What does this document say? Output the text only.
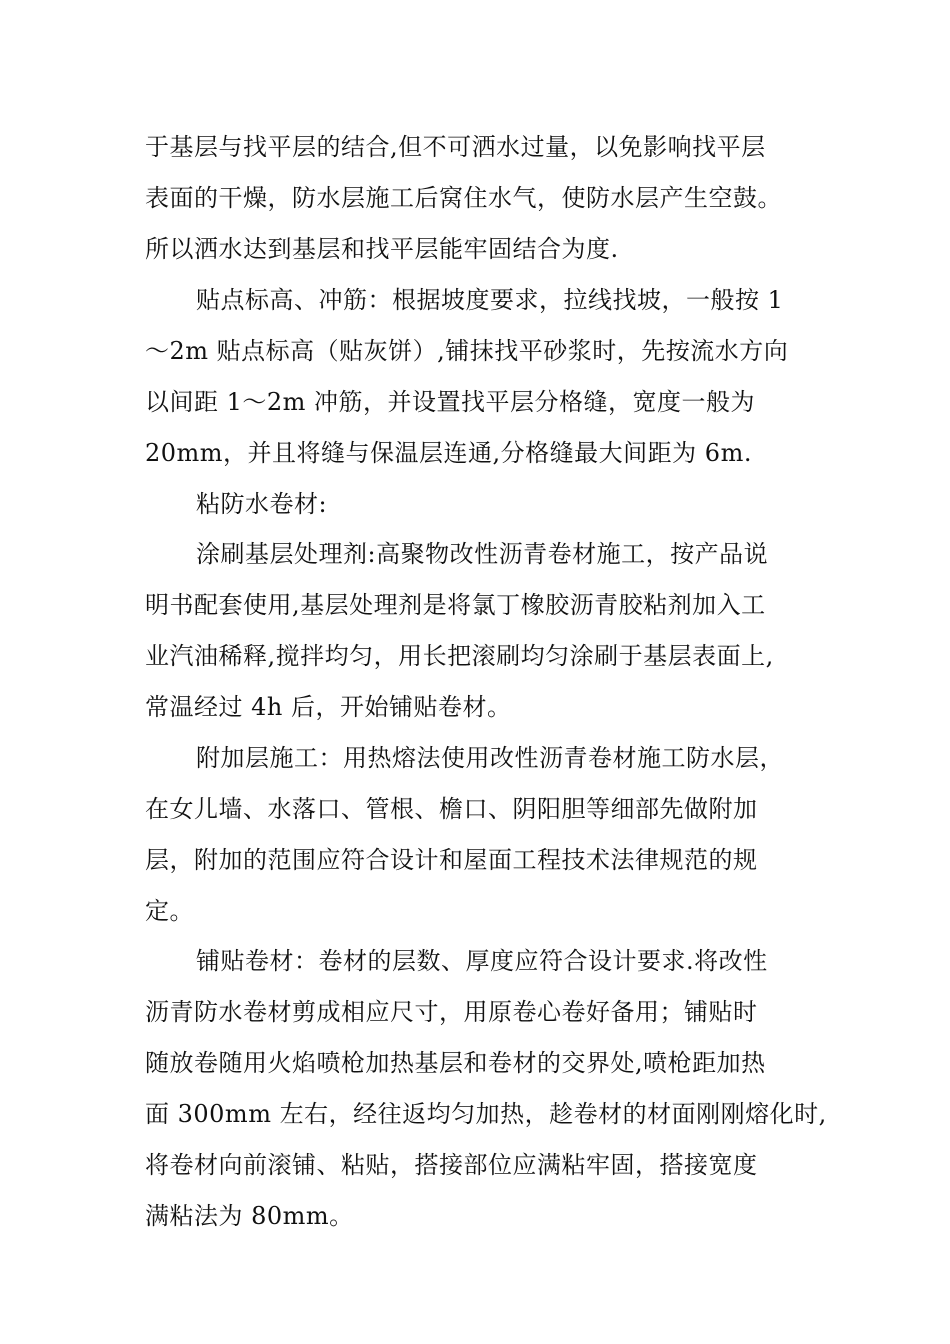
于基层与找平层的结合,但不可洒水过量，以免影响找平层
表面的干燥，防水层施工后窝住水气，使防水层产生空鼓。
所以洒水达到基层和找平层能牢固结合为度.
贴点标高、冲筋：根据坡度要求，拉线找坡，一般按 1
～2m 贴点标高（贴灰饼）,铺抹找平砂浆时，先按流水方向
以间距 1～2m 冲筋，并设置找平层分格缝，宽度一般为
20mm，并且将缝与保温层连通,分格缝最大间距为 6m.
粘防水卷材:
涂刷基层处理剂:高聚物改性沥青卷材施工，按产品说
明书配套使用,基层处理剂是将氯丁橡胶沥青胶粘剂加入工
业汽油稀释,搅拌均匀，用长把滚刷均匀涂刷于基层表面上,
常温经过 4h 后，开始铺贴卷材。
附加层施工：用热熔法使用改性沥青卷材施工防水层，
在女儿墙、水落口、管根、檐口、阴阳胆等细部先做附加
层，附加的范围应符合设计和屋面工程技术法律规范的规
定。
铺贴卷材：卷材的层数、厚度应符合设计要求.将改性
沥青防水卷材剪成相应尺寸，用原卷心卷好备用；铺贴时
随放卷随用火焰喷枪加热基层和卷材的交界处,喷枪距加热
面 300mm 左右，经往返均匀加热，趁卷材的材面刚刚熔化时,
将卷材向前滚铺、粘贴，搭接部位应满粘牢固，搭接宽度
满粘法为 80mm。
